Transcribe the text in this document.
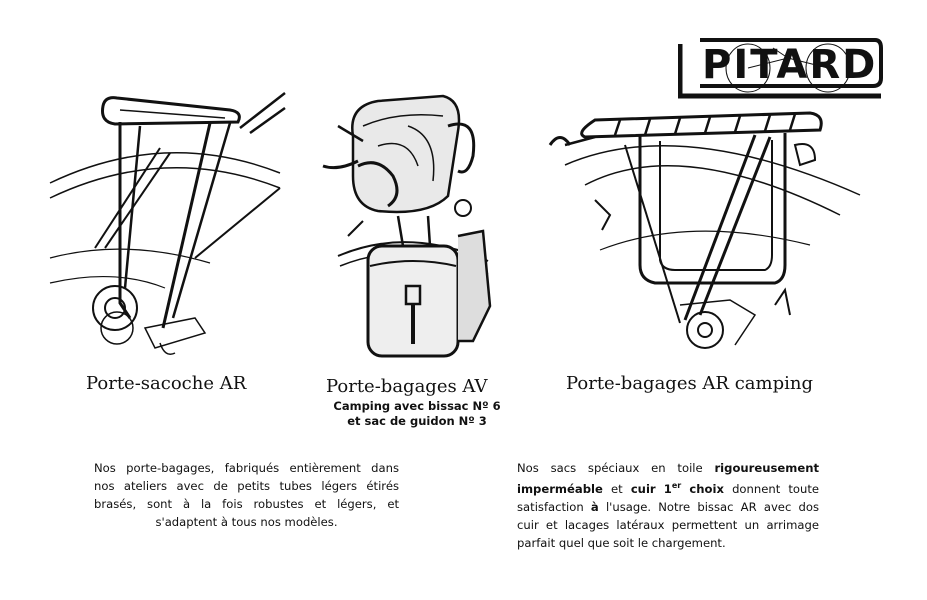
PITARD
Porte-sacoche AR	Porte-bagages AV
Camping avec bissac Nº 6
et sac de guidon Nº 3
Porte-bagages AR camping
Nos porte-bagages, fabriqués entièrement dans
nos ateliers avec de petits tubes légers étirés
brasés, sont à la fois robustes et légers, et
s'adaptent à tous nos modèles.
Nos sacs spéciaux en toile rigoureusement imperméable et cuir 1er choix donnent toute satisfaction à l'usage. Notre bissac AR avec dos cuir et lacages latéraux permettent un arrimage parfait quel que soit le chargement.
